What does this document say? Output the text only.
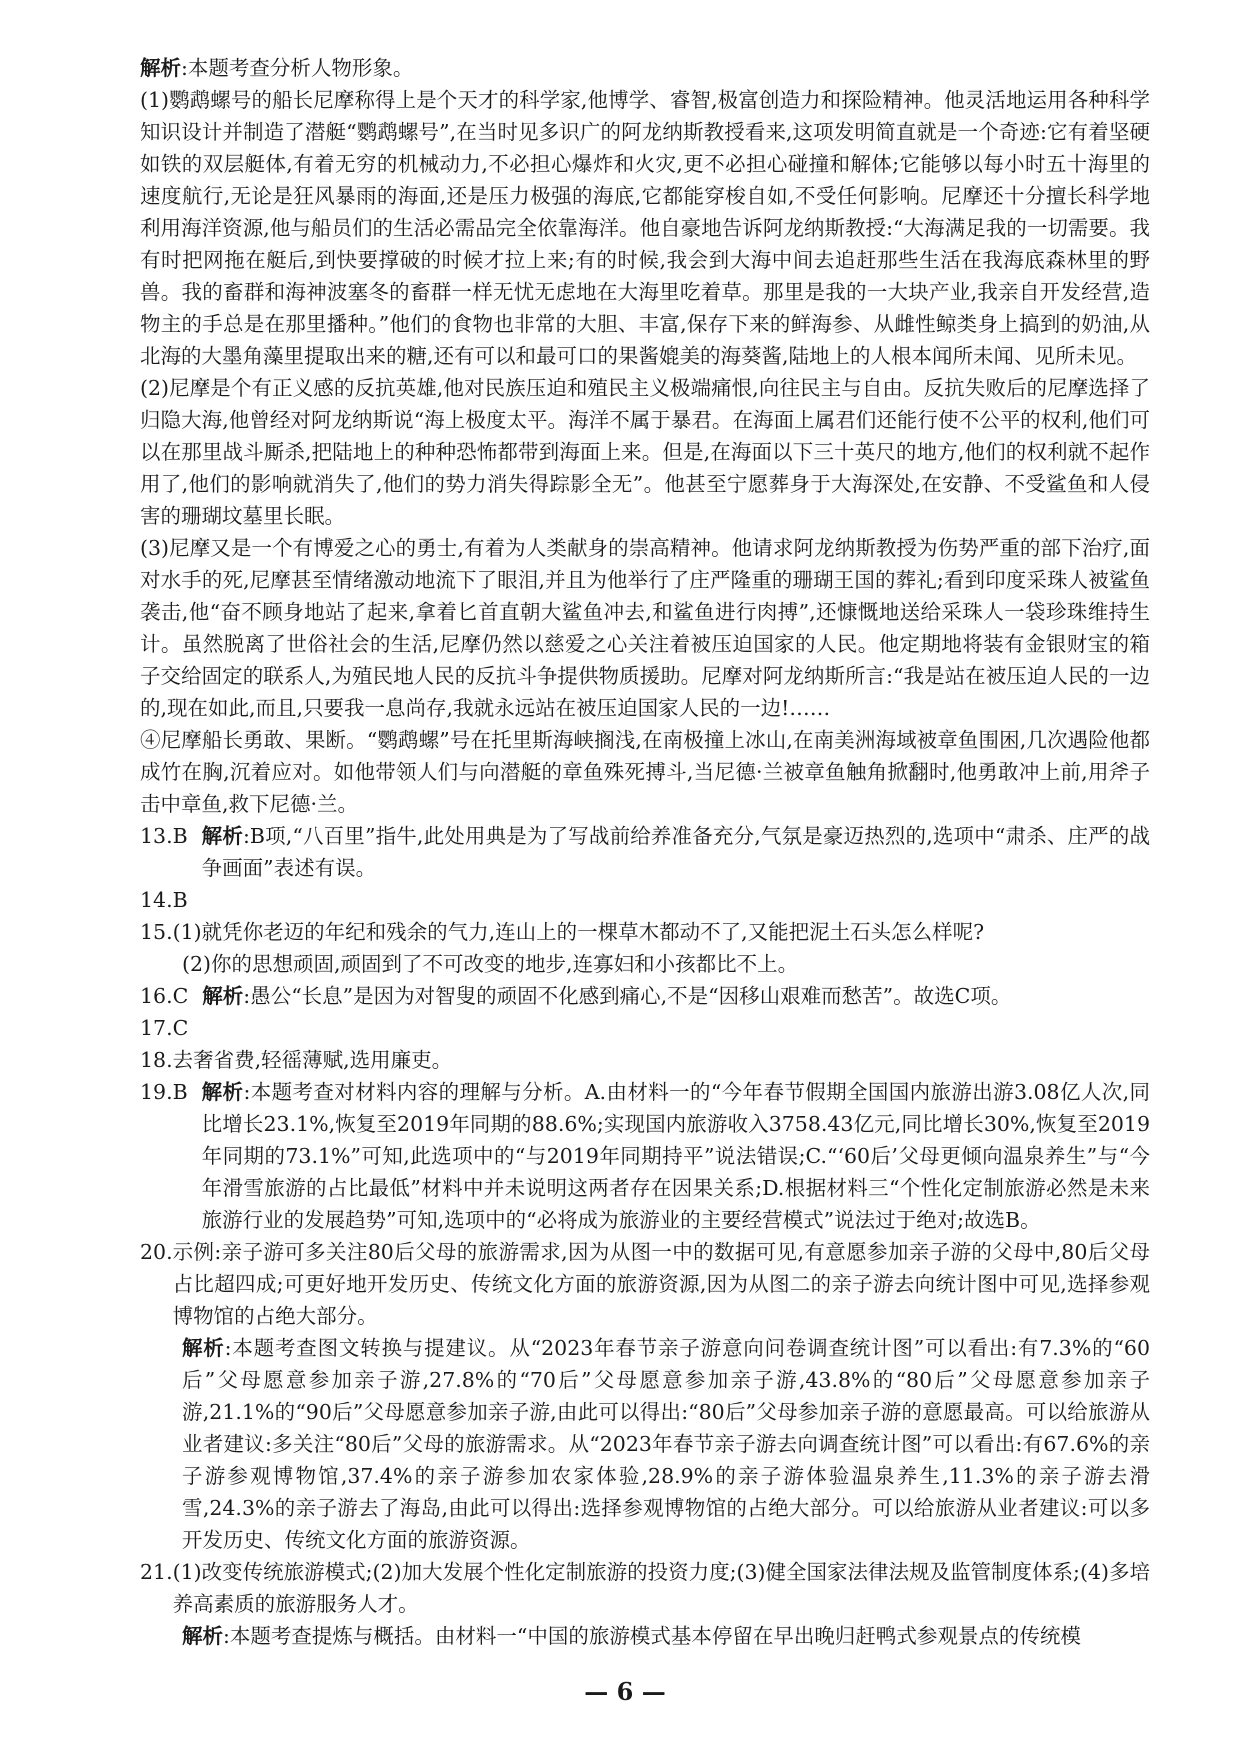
解析:本题考查分析人物形象。

(1)鹦鹉螺号的船长尼摩称得上是个天才的科学家,他博学、睿智,极富创造力和探险精神。他灵活地运用各种科学知识设计并制造了潜艇“鹦鹉螺号”,在当时见多识广的阿龙纳斯教授看来,这项发明简直就是一个奇迹:它有着坚硬如铁的双层艇体,有着无穷的机械动力,不必担心爆炸和火灾,更不必担心碰撞和解体;它能够以每小时五十海里的速度航行,无论是狂风暴雨的海面,还是压力极强的海底,它都能穿梭自如,不受任何影响。尼摩还十分擅长科学地利用海洋资源,他与船员们的生活必需品完全依靠海洋。他自豪地告诉阿龙纳斯教授:“大海满足我的一切需要。我有时把网拖在艇后,到快要撑破的时候才拉上来;有的时候,我会到大海中间去追赶那些生活在我海底森林里的野兽。我的畜群和海神波塞冬的畜群一样无忧无虑地在大海里吃着草。那里是我的一大块产业,我亲自开发经营,造物主的手总是在那里播种。”他们的食物也非常的大胆、丰富,保存下来的鲜海参、从雌性鲸类身上搞到的奶油,从北海的大墨角藻里提取出来的糖,还有可以和最可口的果酱媲美的海葵酱,陆地上的人根本闻所未闻、见所未见。

(2)尼摩是个有正义感的反抗英雄,他对民族压迫和殖民主义极端痛恨,向往民主与自由。反抗失败后的尼摩选择了归隐大海,他曾经对阿龙纳斯说“海上极度太平。海洋不属于暴君。在海面上属君们还能行使不公平的权利,他们可以在那里战斗厮杀,把陆地上的种种恐怖都带到海面上来。但是,在海面以下三十英尺的地方,他们的权利就不起作用了,他们的影响就消失了,他们的势力消失得踪影全无”。他甚至宁愿葬身于大海深处,在安静、不受鲨鱼和人侵害的珊瑚坟墓里长眠。

(3)尼摩又是一个有博爱之心的勇士,有着为人类献身的崇高精神。他请求阿龙纳斯教授为伤势严重的部下治疗,面对水手的死,尼摩甚至情绪激动地流下了眼泪,并且为他举行了庄严隆重的珊瑚王国的葬礼;看到印度采珠人被鲨鱼袭击,他“奋不顾身地站了起来,拿着匕首直朝大鲨鱼冲去,和鲨鱼进行肉搏”,还慷慨地送给采珠人一袋珍珠维持生计。虽然脱离了世俗社会的生活,尼摩仍然以慈爱之心关注着被压迫国家的人民。他定期地将装有金银财宝的箱子交给固定的联系人,为殖民地人民的反抗斗争提供物质援助。尼摩对阿龙纳斯所言:“我是站在被压迫人民的一边的,现在如此,而且,只要我一息尚存,我就永远站在被压迫国家人民的一边!……

④尼摩船长勇敢、果断。“鹦鹉螺”号在托里斯海峡搁浅,在南极撞上冰山,在南美洲海域被章鱼围困,几次遇险他都成竹在胸,沉着应对。如他带领人们与向潜艇的章鱼殊死搏斗,当尼德·兰被章鱼触角掀翻时,他勇敢冲上前,用斧子击中章鱼,救下尼德·兰。

13.B 解析:B项,“八百里”指牛,此处用典是为了写战前给养准备充分,气氛是豪迈热烈的,选项中“肃杀、庄严的战争画面”表述有误。

14.B

15. (1)就凭你老迈的年纪和残余的气力,连山上的一棵草木都动不了,又能把泥土石头怎么样呢?

(2)你的思想顽固,顽固到了不可改变的地步,连寡妇和小孩都比不上。

16.C 解析:愚公“长息”是因为对智叟的顽固不化感到痛心,不是“因移山艰难而愁苦”。故选C项。

17.C

18.去奢省费,轻徭薄赋,选用廉吏。

19.B 解析:本题考查对材料内容的理解与分析。A.由材料一的“今年春节假期全国国内旅游出游3.08亿人次,同比增长23.1%,恢复至2019年同期的88.6%;实现国内旅游收入3758.43亿元,同比增长30%,恢复至2019年同期的73.1%”可知,此选项中的“与2019年同期持平”说法错误;C.“‘60后’父母更倾向温泉养生”与“今年滑雪旅游的占比最低”材料中并未说明这两者存在因果关系;D.根据材料三“个性化定制旅游必然是未来旅游行业的发展趋势”可知,选项中的“必将成为旅游业的主要经营模式”说法过于绝对;故选B。
20. 示例:亲子游可多关注80后父母的旅游需求,因为从图一中的数据可见,有意愿参加亲子游的父母中,80后父母占比超四成;可更好地开发历史、传统文化方面的旅游资源,因为从图二的亲子游去向统计图中可见,选择参观博物馆的占绝大部分。

解析:本题考查图文转换与提建议。从“2023年春节亲子游意向问卷调查统计图”可以看出:有7.3%的“60后”父母愿意参加亲子游,27.8%的“70后”父母愿意参加亲子游,43.8%的“80后”父母愿意参加亲子游,21.1%的“90后”父母愿意参加亲子游,由此可以得出:“80后”父母参加亲子游的意愿最高。可以给旅游从业者建议:多关注“80后”父母的旅游需求。从“2023年春节亲子游去向调查统计图”可以看出:有67.6%的亲子游参观博物馆,37.4%的亲子游参加农家体验,28.9%的亲子游体验温泉养生,11.3%的亲子游去滑雪,24.3%的亲子游去了海岛,由此可以得出:选择参观博物馆的占绝大部分。可以给旅游从业者建议:可以多开发历史、传统文化方面的旅游资源。

21. (1)改变传统旅游模式;(2)加大发展个性化定制旅游的投资力度;(3)健全国家法律法规及监管制度体系;(4)多培养高素质的旅游服务人才。

解析:本题考查提炼与概括。由材料一“中国的旅游模式基本停留在早出晚归赶鸭式参观景点的传统模

— 6 —
